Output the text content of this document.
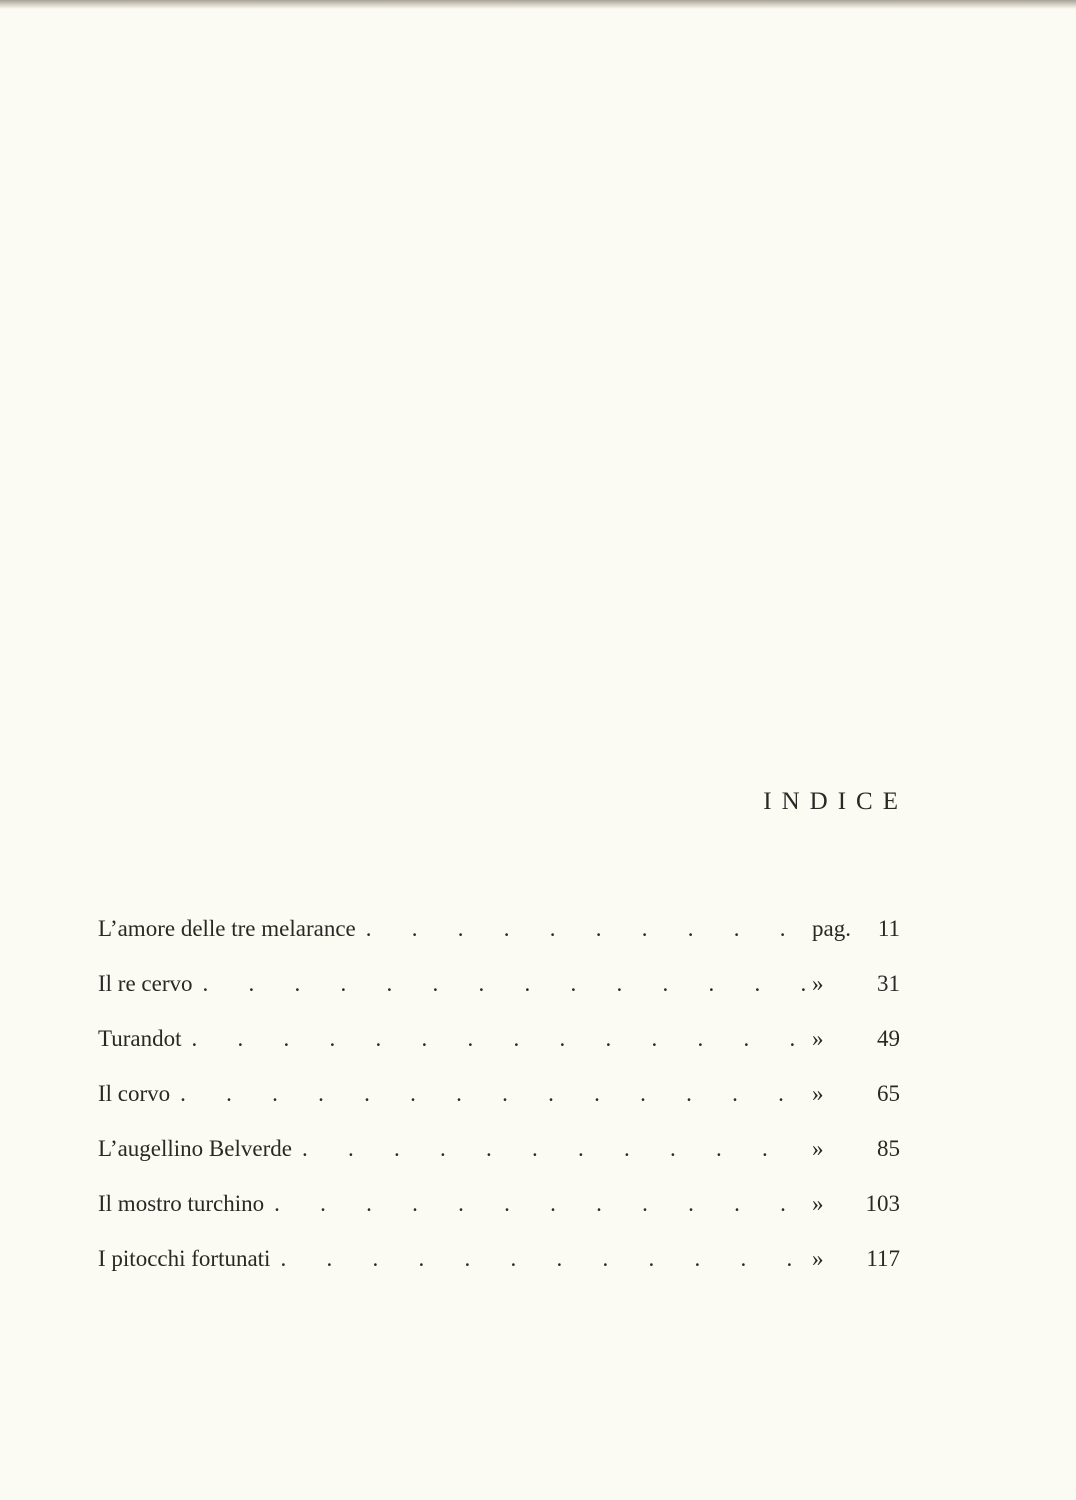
INDICE
L’amore delle tre melarance .	pag.	11
Il re cervo .	»	31
Turandot .	»	49
Il corvo .	»	65
L’augellino Belverde .	»	85
Il mostro turchino .	»	103
I pitocchi fortunati .	»	117
